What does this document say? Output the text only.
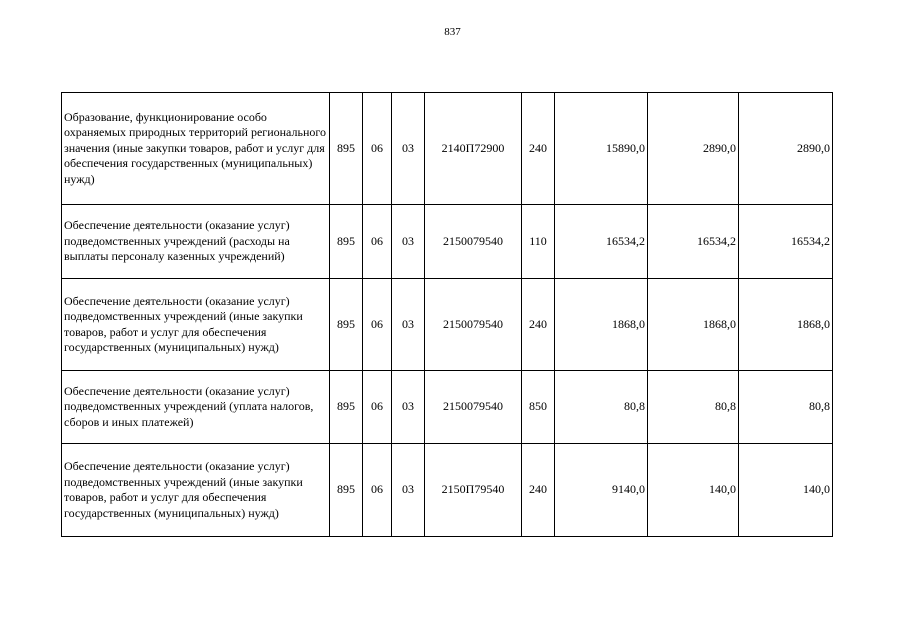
837
Образование, функционирование особо охраняемых природных территорий регионального значения (иные закупки товаров, работ и услуг для обеспечения государственных (муниципальных) нужд)	895	06	03	2140П72900	240	15890,0	2890,0	2890,0
Обеспечение деятельности (оказание услуг) подведомственных учреждений (расходы на выплаты персоналу казенных учреждений)	895	06	03	2150079540	110	16534,2	16534,2	16534,2
Обеспечение деятельности (оказание услуг) подведомственных учреждений (иные закупки товаров, работ и услуг для обеспечения государственных (муниципальных) нужд)	895	06	03	2150079540	240	1868,0	1868,0	1868,0
Обеспечение деятельности (оказание услуг) подведомственных учреждений (уплата налогов, сборов и иных платежей)	895	06	03	2150079540	850	80,8	80,8	80,8
Обеспечение деятельности (оказание услуг) подведомственных учреждений (иные закупки товаров, работ и услуг для обеспечения государственных (муниципальных) нужд)	895	06	03	2150П79540	240	9140,0	140,0	140,0
